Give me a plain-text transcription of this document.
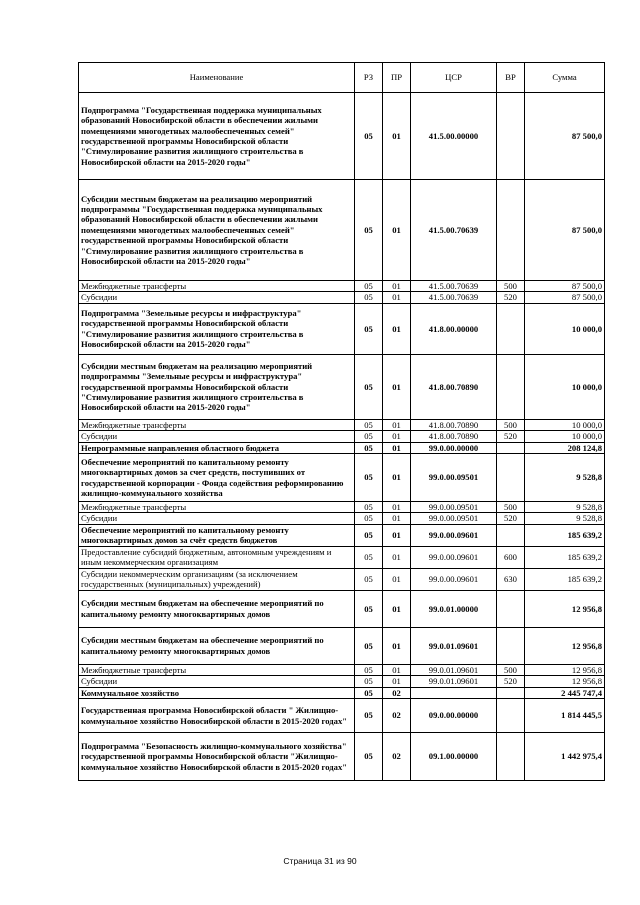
Наименование	РЗ	ПР	ЦСР	ВР	Сумма
Подпрограмма "Государственная поддержка муниципальных образований Новосибирской области в обеспечении жилыми помещениями многодетных малообеспеченных семей" государственной программы Новосибирской области "Стимулирование развития жилищного строительства в Новосибирской области на 2015-2020 годы"	05	01	41.5.00.00000		87 500,0
Субсидии местным бюджетам на реализацию мероприятий подпрограммы "Государственная поддержка муниципальных образований Новосибирской области в обеспечении жилыми помещениями многодетных малообеспеченных семей" государственной программы Новосибирской области "Стимулирование развития жилищного строительства в Новосибирской области на 2015-2020 годы"	05	01	41.5.00.70639		87 500,0
Межбюджетные трансферты	05	01	41.5.00.70639	500	87 500,0
Субсидии	05	01	41.5.00.70639	520	87 500,0
Подпрограмма "Земельные ресурсы и инфраструктура" государственной программы Новосибирской области "Стимулирование развития жилищного строительства в Новосибирской области на 2015-2020 годы"	05	01	41.8.00.00000		10 000,0
Субсидии местным бюджетам на реализацию мероприятий подпрограммы "Земельные ресурсы и инфраструктура" государственной программы Новосибирской области "Стимулирование развития жилищного строительства в Новосибирской области на 2015-2020 годы"	05	01	41.8.00.70890		10 000,0
Межбюджетные трансферты	05	01	41.8.00.70890	500	10 000,0
Субсидии	05	01	41.8.00.70890	520	10 000,0
Непрограммные направления областного бюджета	05	01	99.0.00.00000		208 124,8
Обеспечение мероприятий по капитальному ремонту многоквартирных домов за счет средств, поступивших от государственной корпорации - Фонда содействия реформированию жилищно-коммунального хозяйства	05	01	99.0.00.09501		9 528,8
Межбюджетные трансферты	05	01	99.0.00.09501	500	9 528,8
Субсидии	05	01	99.0.00.09501	520	9 528,8
Обеспечение мероприятий по капитальному ремонту многоквартирных домов за счёт средств бюджетов	05	01	99.0.00.09601		185 639,2
Предоставление субсидий бюджетным, автономным учреждениям и иным некоммерческим организациям	05	01	99.0.00.09601	600	185 639,2
Субсидии некоммерческим организациям (за исключением государственных (муниципальных) учреждений)	05	01	99.0.00.09601	630	185 639,2
Субсидии местным бюджетам на обеспечение мероприятий по капитальному ремонту многоквартирных домов	05	01	99.0.01.00000		12 956,8
Субсидии местным бюджетам на обеспечение мероприятий по капитальному ремонту многоквартирных домов	05	01	99.0.01.09601		12 956,8
Межбюджетные трансферты	05	01	99.0.01.09601	500	12 956,8
Субсидии	05	01	99.0.01.09601	520	12 956,8
Коммунальное хозяйство	05	02			2 445 747,4
Государственная программа Новосибирской области " Жилищно-коммунальное хозяйство Новосибирской области в 2015-2020 годах"	05	02	09.0.00.00000		1 814 445,5
Подпрограмма "Безопасность жилищно-коммунального хозяйства" государственной программы Новосибирской области "Жилищно-коммунальное хозяйство Новосибирской области в 2015-2020 годах"	05	02	09.1.00.00000		1 442 975,4
Страница 31 из 90
